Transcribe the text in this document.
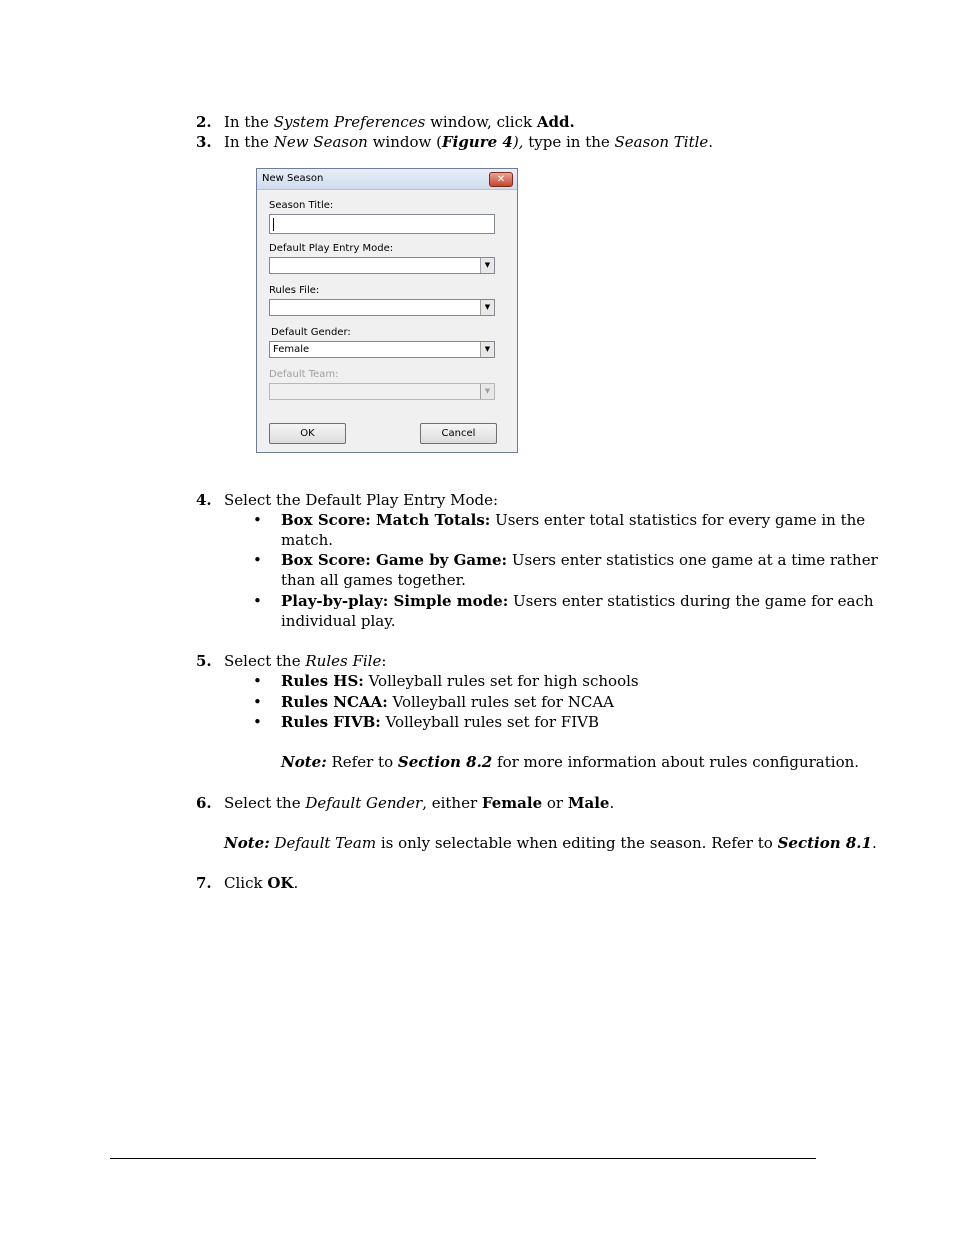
2. In the System Preferences window, click Add.
3. In the New Season window (Figure 4), type in the Season Title.
New Season	✕
Season Title:
Default Play Entry Mode:
▼
Rules File:
▼
Default Gender:
Female	▼
Default Team:
▼
OK	Cancel
4. Select the Default Play Entry Mode:
• Box Score: Match Totals: Users enter total statistics for every game in the
match.
• Box Score: Game by Game: Users enter statistics one game at a time rather
than all games together.
• Play-by-play: Simple mode: Users enter statistics during the game for each
individual play.
5. Select the Rules File:
• Rules HS: Volleyball rules set for high schools
• Rules NCAA: Volleyball rules set for NCAA
• Rules FIVB: Volleyball rules set for FIVB
Note: Refer to Section 8.2 for more information about rules configuration.
6. Select the Default Gender, either Female or Male.
Note: Default Team is only selectable when editing the season. Refer to Section 8.1.
7. Click OK.
